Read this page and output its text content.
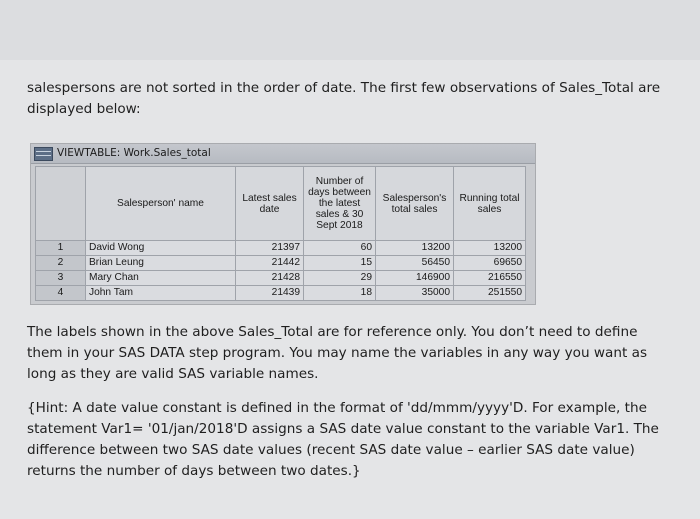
salespersons are not sorted in the order of date. The first few observations of Sales_Total are displayed below:

VIEWTABLE: Work.Sales_total
	Salesperson' name	Latest sales date	Number of days between the latest sales & 30 Sept 2018	Salesperson's total sales	Running total sales
1	David Wong	21397	60	13200	13200
2	Brian Leung	21442	15	56450	69650
3	Mary Chan	21428	29	146900	216550
4	John Tam	21439	18	35000	251550

The labels shown in the above Sales_Total are for reference only. You don’t need to define them in your SAS DATA step program. You may name the variables in any way you want as long as they are valid SAS variable names.

{Hint: A date value constant is defined in the format of 'dd/mmm/yyyy'D. For example, the statement Var1= '01/jan/2018'D assigns a SAS date value constant to the variable Var1. The difference between two SAS date values (recent SAS date value – earlier SAS date value) returns the number of days between two dates.}
